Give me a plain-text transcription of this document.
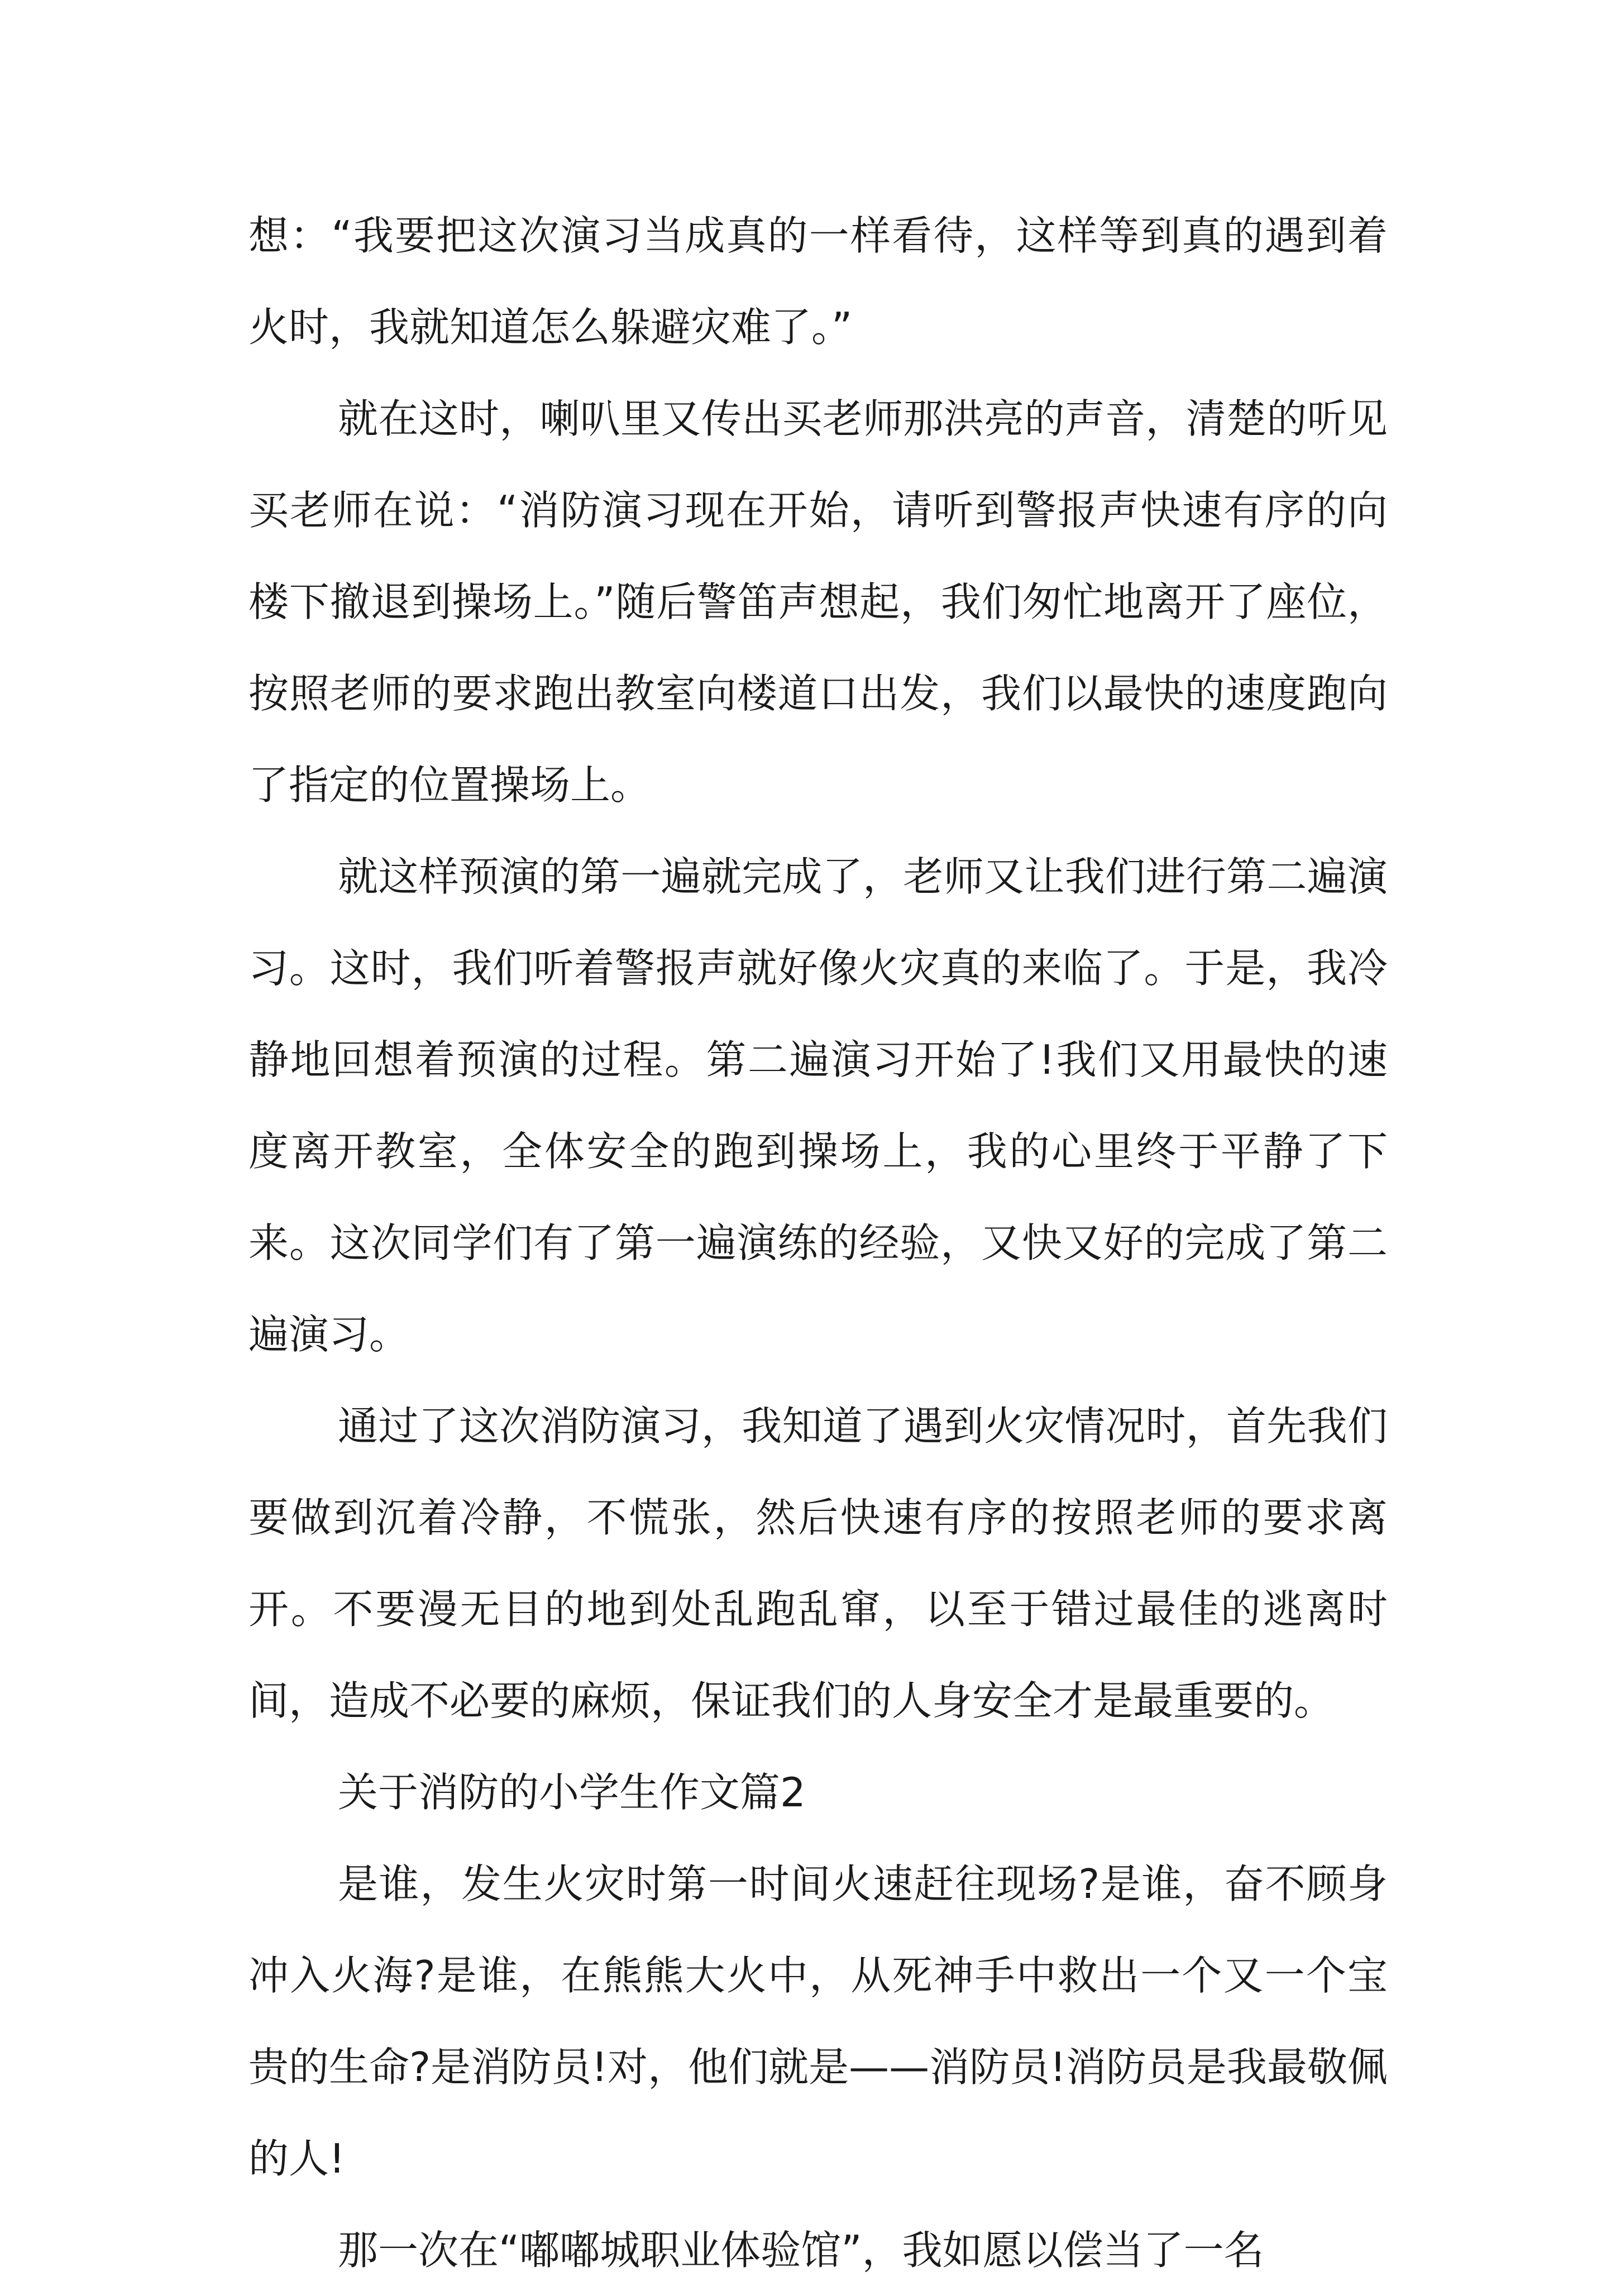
想：“我要把这次演习当成真的一样看待，这样等到真的遇到着火时，我就知道怎么躲避灾难了。”

就在这时，喇叭里又传出买老师那洪亮的声音，清楚的听见买老师在说：“消防演习现在开始，请听到警报声快速有序的向楼下撤退到操场上。”随后警笛声想起，我们匆忙地离开了座位，按照老师的要求跑出教室向楼道口出发，我们以最快的速度跑向了指定的位置操场上。

就这样预演的第一遍就完成了，老师又让我们进行第二遍演习。这时，我们听着警报声就好像火灾真的来临了。于是，我冷静地回想着预演的过程。第二遍演习开始了!我们又用最快的速度离开教室，全体安全的跑到操场上，我的心里终于平静了下来。这次同学们有了第一遍演练的经验，又快又好的完成了第二遍演习。

通过了这次消防演习，我知道了遇到火灾情况时，首先我们要做到沉着冷静，不慌张，然后快速有序的按照老师的要求离开。不要漫无目的地到处乱跑乱窜，以至于错过最佳的逃离时间，造成不必要的麻烦，保证我们的人身安全才是最重要的。

关于消防的小学生作文篇2

是谁，发生火灾时第一时间火速赶往现场?是谁，奋不顾身冲入火海?是谁，在熊熊大火中，从死神手中救出一个又一个宝贵的生命?是消防员!对，他们就是——消防员!消防员是我最敬佩的人!

那一次在“嘟嘟城职业体验馆”，我如愿以偿当了一名
